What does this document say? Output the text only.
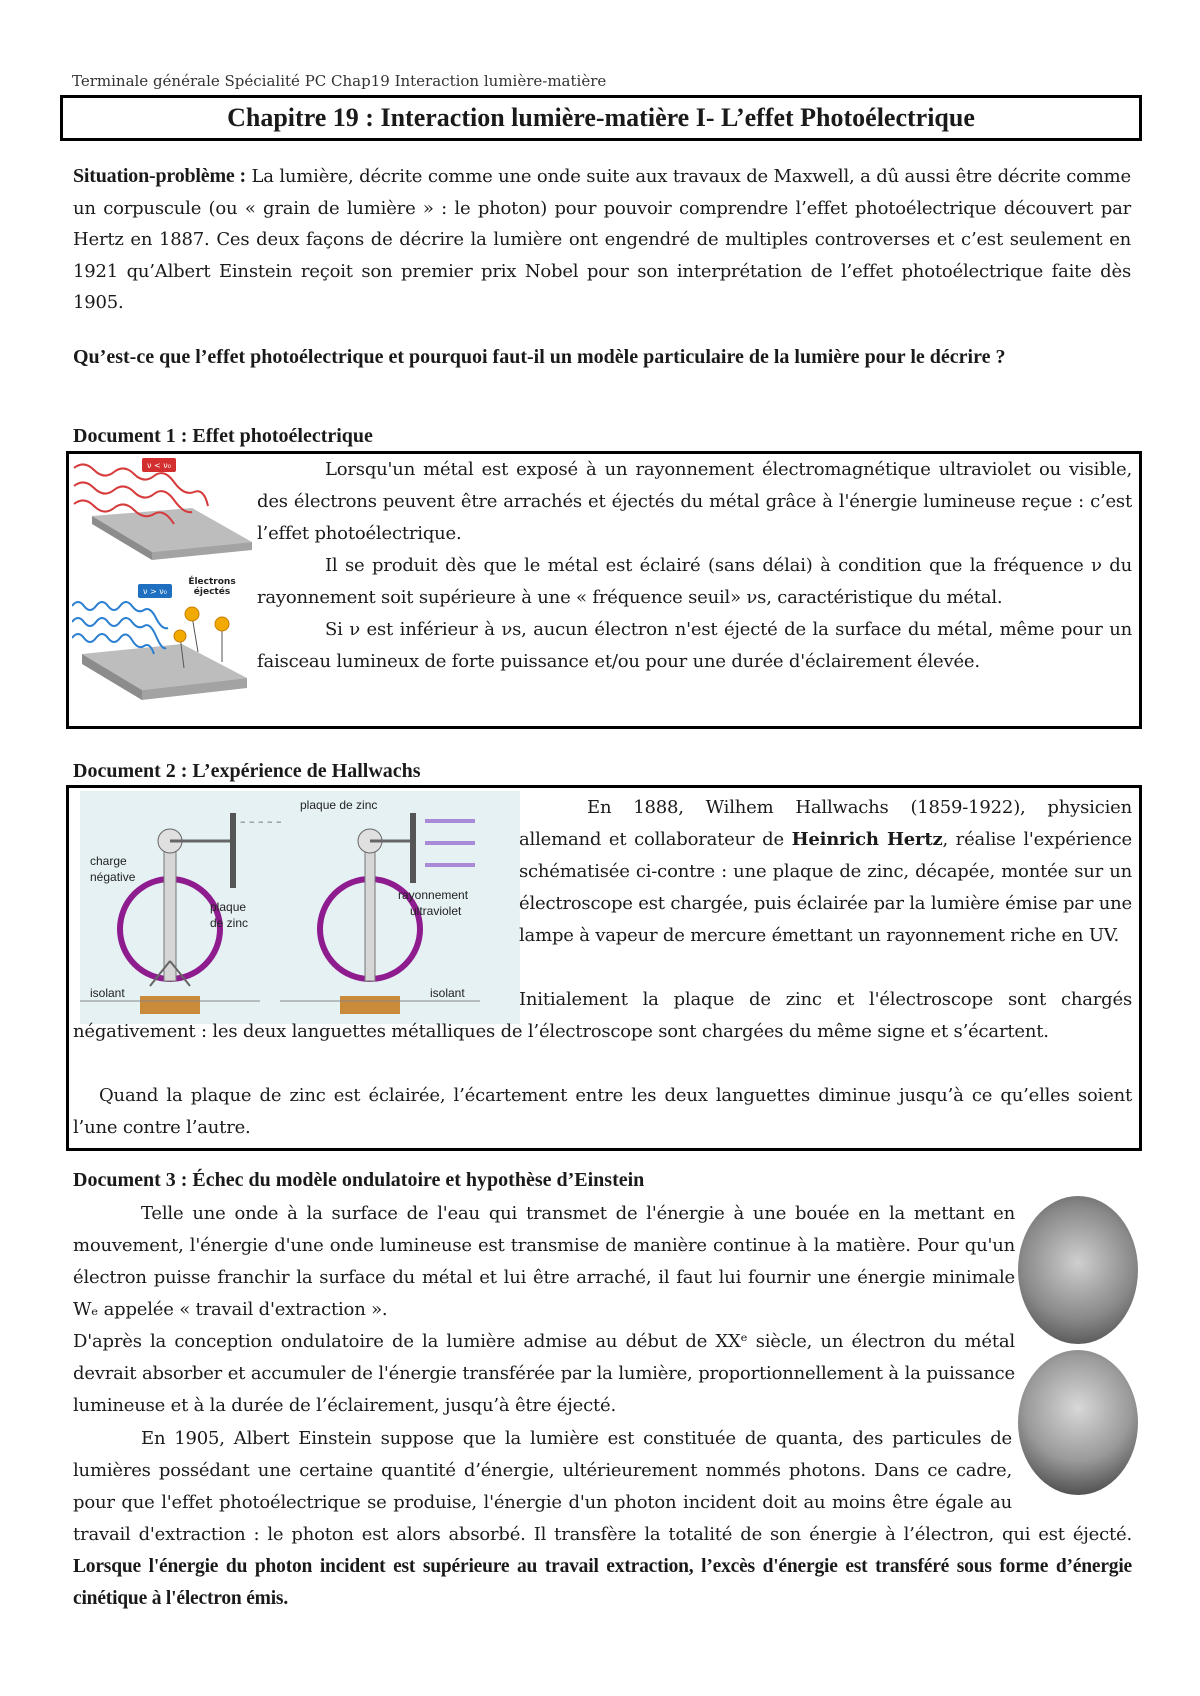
Terminale générale Spécialité PC Chap19 Interaction lumière-matière
Chapitre 19 : Interaction lumière-matière I- L’effet Photoélectrique
Situation-problème : La lumière, décrite comme une onde suite aux travaux de Maxwell, a dû aussi être décrite comme un corpuscule (ou « grain de lumière » : le photon) pour pouvoir comprendre l’effet photoélectrique découvert par Hertz en 1887. Ces deux façons de décrire la lumière ont engendré de multiples controverses et c’est seulement en 1921 qu’Albert Einstein reçoit son premier prix Nobel pour son interprétation de l’effet photoélectrique faite dès 1905.
Qu’est-ce que l’effet photoélectrique et pourquoi faut-il un modèle particulaire de la lumière pour le décrire ?
Document 1 : Effet photoélectrique
ν < ν₀
ν > ν₀
Électrons éjectés

Lorsqu'un métal est exposé à un rayonnement électromagnétique ultraviolet ou visible, des électrons peuvent être arrachés et éjectés du métal grâce à l'énergie lumineuse reçue : c’est l’effet photoélectrique.

Il se produit dès que le métal est éclairé (sans délai) à condition que la fréquence ν du rayonnement soit supérieure à une « fréquence seuil» νs, caractéristique du métal.

Si ν est inférieur à νs, aucun électron n'est éjecté de la surface du métal, même pour un faisceau lumineux de forte puissance et/ou pour une durée d'éclairement élevée.

Document 2 : L’expérience de Hallwachs
charge
négative
– – – – –
plaque
de zinc
isolant
plaque de zinc
rayonnement
ultraviolet
isolant

En 1888, Wilhem Hallwachs (1859-1922), physicien allemand et collaborateur de Heinrich Hertz, réalise l'expérience schématisée ci-contre : une plaque de zinc, décapée, montée sur un électroscope est chargée, puis éclairée par la lumière émise par une lampe à vapeur de mercure émettant un rayonnement riche en UV.

Initialement la plaque de zinc et l'électroscope sont chargés négativement : les deux languettes métalliques de l’électroscope sont chargées du même signe et s’écartent.
Quand la plaque de zinc est éclairée, l’écartement entre les deux languettes diminue jusqu’à ce qu’elles soient l’une contre l’autre.
Document 3 : Échec du modèle ondulatoire et hypothèse d’Einstein

Telle une onde à la surface de l'eau qui transmet de l'énergie à une bouée en la mettant en mouvement, l'énergie d'une onde lumineuse est transmise de manière continue à la matière. Pour qu'un électron puisse franchir la surface du métal et lui être arraché, il faut lui fournir une énergie minimale Wₑ appelée « travail d'extraction ».

D'après la conception ondulatoire de la lumière admise au début de XXᵉ siècle, un électron du métal devrait absorber et accumuler de l'énergie transférée par la lumière, proportionnellement à la puissance lumineuse et à la durée de l’éclairement, jusqu’à être éjecté.

En 1905, Albert Einstein suppose que la lumière est constituée de quanta, des particules de lumières possédant une certaine quantité d’énergie, ultérieurement nommés photons. Dans ce cadre, pour que l'effet photoélectrique se produise, l'énergie d'un photon incident doit au moins être égale au travail d'extraction : le photon est alors absorbé. Il transfère la totalité de son énergie à l’électron, qui est éjecté. Lorsque l'énergie du photon incident est supérieure au travail extraction, l’excès d'énergie est transféré sous forme d’énergie cinétique à l'électron émis.
